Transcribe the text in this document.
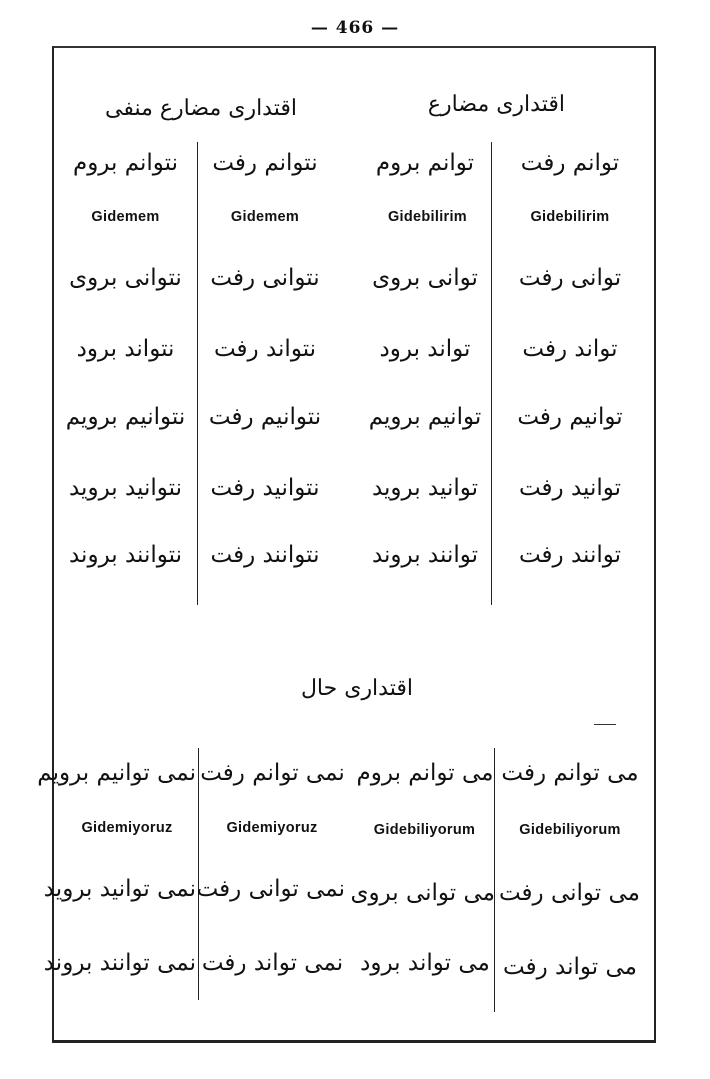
— 466 —
اقتداری مضارع
اقتداری مضارع منفی
توانم رفت
Gidebilirim
توانی رفت
تواند رفت
توانیم رفت
توانید رفت
توانند رفت
توانم بروم
Gidebilirim
توانی بروی
تواند برود
توانیم برویم
توانید بروید
توانند بروند
نتوانم رفت
Gidemem
نتوانی رفت
نتواند رفت
نتوانیم رفت
نتوانید رفت
نتوانند رفت
نتوانم بروم
Gidemem
نتوانی بروی
نتواند برود
نتوانیم برویم
نتوانید بروید
نتوانند بروند
اقتداری حال
می توانم رفت
Gidebiliyorum
می توانی رفت
می تواند رفت
می توانم بروم
Gidebiliyorum
می توانی بروی
می تواند برود
نمی توانم رفت
Gidemiyoruz
نمی توانی رفت
نمی تواند رفت
نمی توانیم برویم
Gidemiyoruz
نمی توانید بروید
نمی توانند بروند
